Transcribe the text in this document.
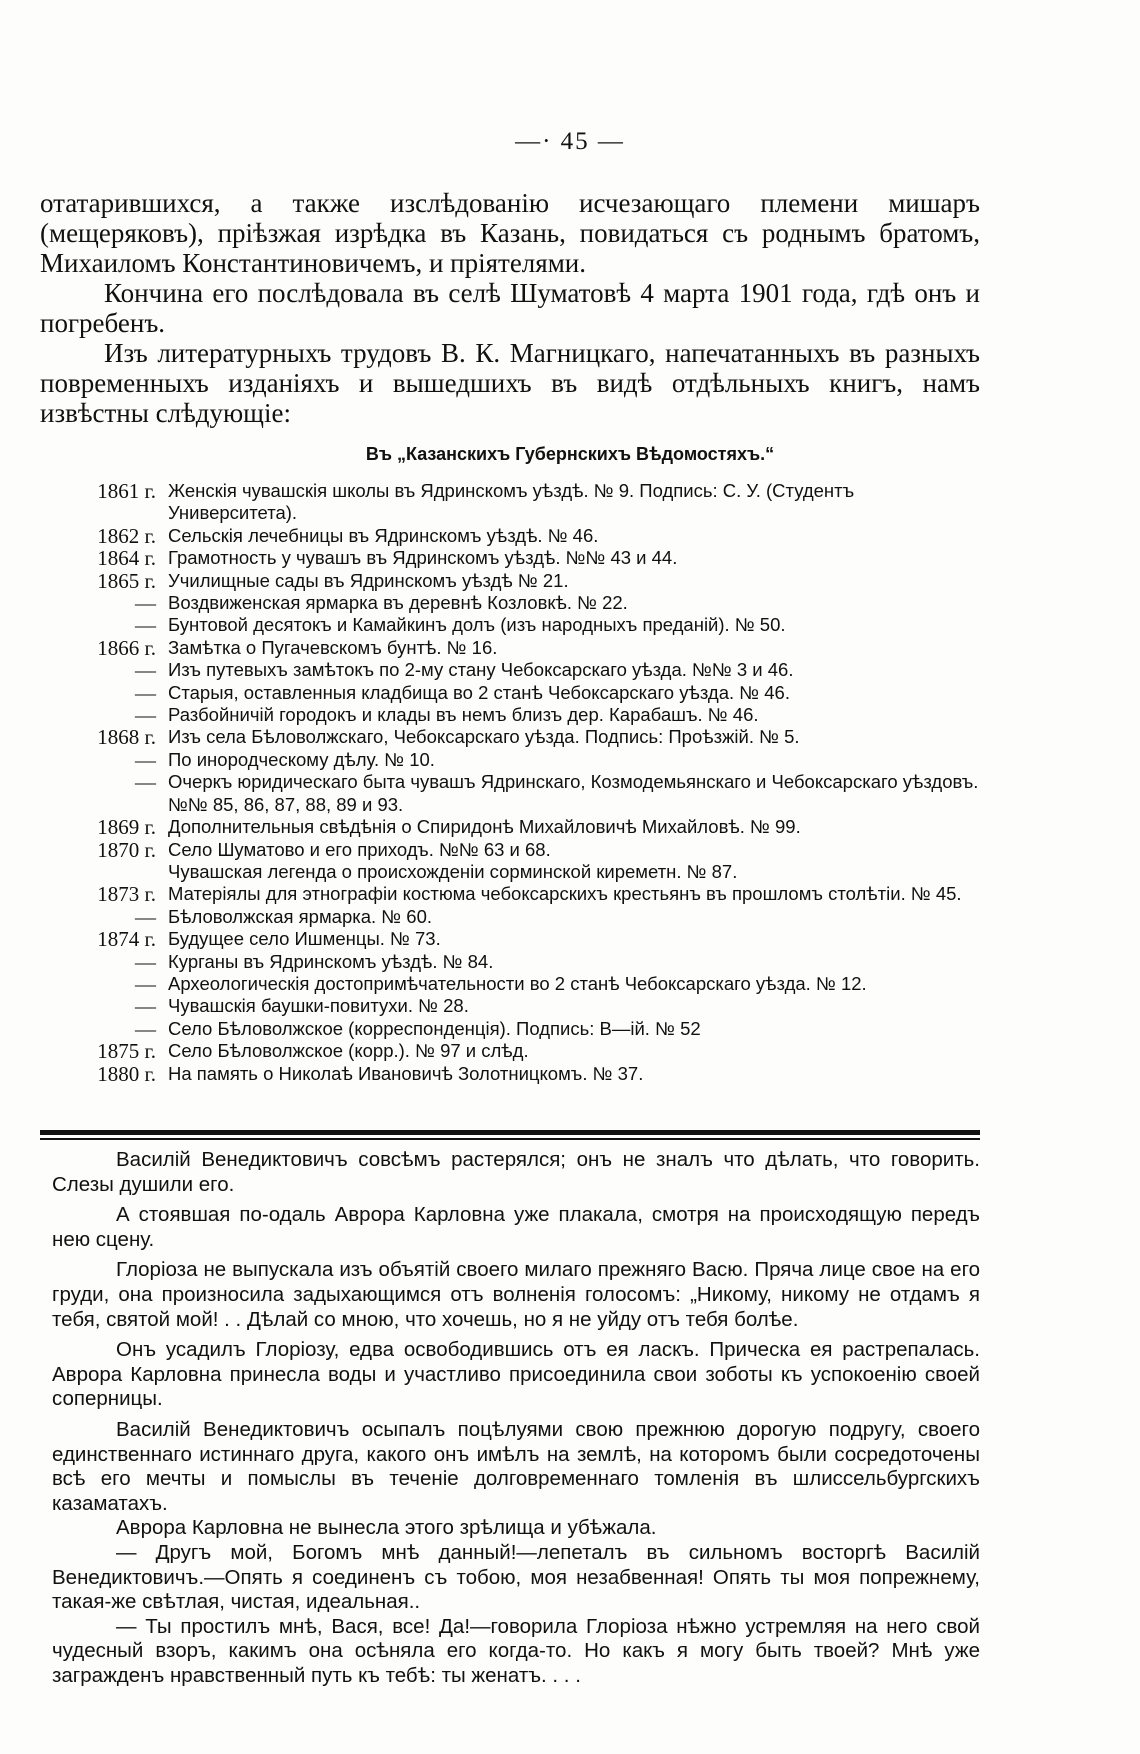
—· 45 —

отатарившихся, а также изслѣдованію исчезающаго племени мишаръ (мещеряковъ), пріѣзжая изрѣдка въ Казань, повидаться съ роднымъ братомъ, Михаиломъ Константиновичемъ, и пріятелями.

Кончина его послѣдовала въ селѣ Шуматовѣ 4 марта 1901 года, гдѣ онъ и погребенъ.

Изъ литературныхъ трудовъ В. К. Магницкаго, напечатанныхъ въ разныхъ повременныхъ изданіяхъ и вышедшихъ въ видѣ отдѣльныхъ книгъ, намъ извѣстны слѣдующіе:

Въ „Казанскихъ Губернскихъ Вѣдомостяхъ.“
1861 г. Женскія чувашскія школы въ Ядринскомъ уѣздѣ. № 9. Подпись: С. У. (Студентъ Университета).
1862 г. Сельскія лечебницы въ Ядринскомъ уѣздѣ. № 46.
1864 г. Грамотность у чувашъ въ Ядринскомъ уѣздѣ. №№ 43 и 44.
1865 г. Училищные сады въ Ядринскомъ уѣздѣ № 21.
— Воздвиженская ярмарка въ деревнѣ Козловкѣ. № 22.
— Бунтовой десятокъ и Камайкинъ долъ (изъ народныхъ преданій). № 50.
1866 г. Замѣтка о Пугачевскомъ бунтѣ. № 16.
— Изъ путевыхъ замѣтокъ по 2-му стану Чебоксарскаго уѣзда. №№ 3 и 46.
— Старыя, оставленныя кладбища во 2 станѣ Чебоксарскаго уѣзда. № 46.
— Разбойничій городокъ и клады въ немъ близъ дер. Карабашъ. № 46.
1868 г. Изъ села Бѣловолжскаго, Чебоксарскаго уѣзда. Подпись: Проѣзжій. № 5.
— По инородческому дѣлу. № 10.
— Очеркъ юридическаго быта чувашъ Ядринскаго, Козмодемьянскаго и Чебоксарскаго уѣздовъ. №№ 85, 86, 87, 88, 89 и 93.
1869 г. Дополнительныя свѣдѣнія о Спиридонѣ Михайловичѣ Михайловѣ. № 99.
1870 г. Село Шуматово и его приходъ. №№ 63 и 68.
Чувашская легенда о происхожденіи сорминской киреметн. № 87.
1873 г. Матеріялы для этнографіи костюма чебоксарскихъ крестьянъ въ прошломъ столѣтіи. № 45.
— Бѣловолжская ярмарка. № 60.
1874 г. Будущее село Ишменцы. № 73.
— Курганы въ Ядринскомъ уѣздѣ. № 84.
— Археологическія достопримѣчательности во 2 станѣ Чебоксарскаго уѣзда. № 12.
— Чувашскія баушки-повитухи. № 28.
— Село Бѣловолжское (корреспонденція). Подпись: В—ій. № 52
1875 г. Село Бѣловолжское (корр.). № 97 и слѣд.
1880 г. На память о Николаѣ Ивановичѣ Золотницкомъ. № 37.

Василій Венедиктовичъ совсѣмъ растерялся; онъ не зналъ что дѣлать, что говорить. Слезы душили его.

А стоявшая по-одаль Аврора Карловна уже плакала, смотря на происходящую передъ нею сцену.

Глоріоза не выпускала изъ объятій своего милаго прежняго Васю. Пряча лице свое на его груди, она произносила задыхающимся отъ волненія голосомъ: „Никому, никому не отдамъ я тебя, святой мой! . . Дѣлай со мною, что хочешь, но я не уйду отъ тебя болѣе.

Онъ усадилъ Глоріозу, едва освободившись отъ ея ласкъ. Прическа ея растрепалась. Аврора Карловна принесла воды и участливо присоединила свои зоботы къ успокоенію своей соперницы.

Василій Венедиктовичъ осыпалъ поцѣлуями свою прежнюю дорогую подругу, своего единственнаго истиннаго друга, какого онъ имѣлъ на землѣ, на которомъ были сосредоточены всѣ его мечты и помыслы въ теченіе долговременнаго томленія въ шлиссельбургскихъ казаматахъ.

Аврора Карловна не вынесла этого зрѣлища и убѣжала.

— Другъ мой, Богомъ мнѣ данный!—лепеталъ въ сильномъ восторгѣ Василій Венедиктовичъ.—Опять я соединенъ съ тобою, моя незабвенная! Опять ты моя попрежнему, такая-же свѣтлая, чистая, идеальная..

— Ты простилъ мнѣ, Вася, все! Да!—говорила Глоріоза нѣжно устремляя на него свой чудесный взоръ, какимъ она осѣняла его когда-то. Но какъ я могу быть твоей? Мнѣ уже загражденъ нравственный путь къ тебѣ: ты женатъ. . . .
